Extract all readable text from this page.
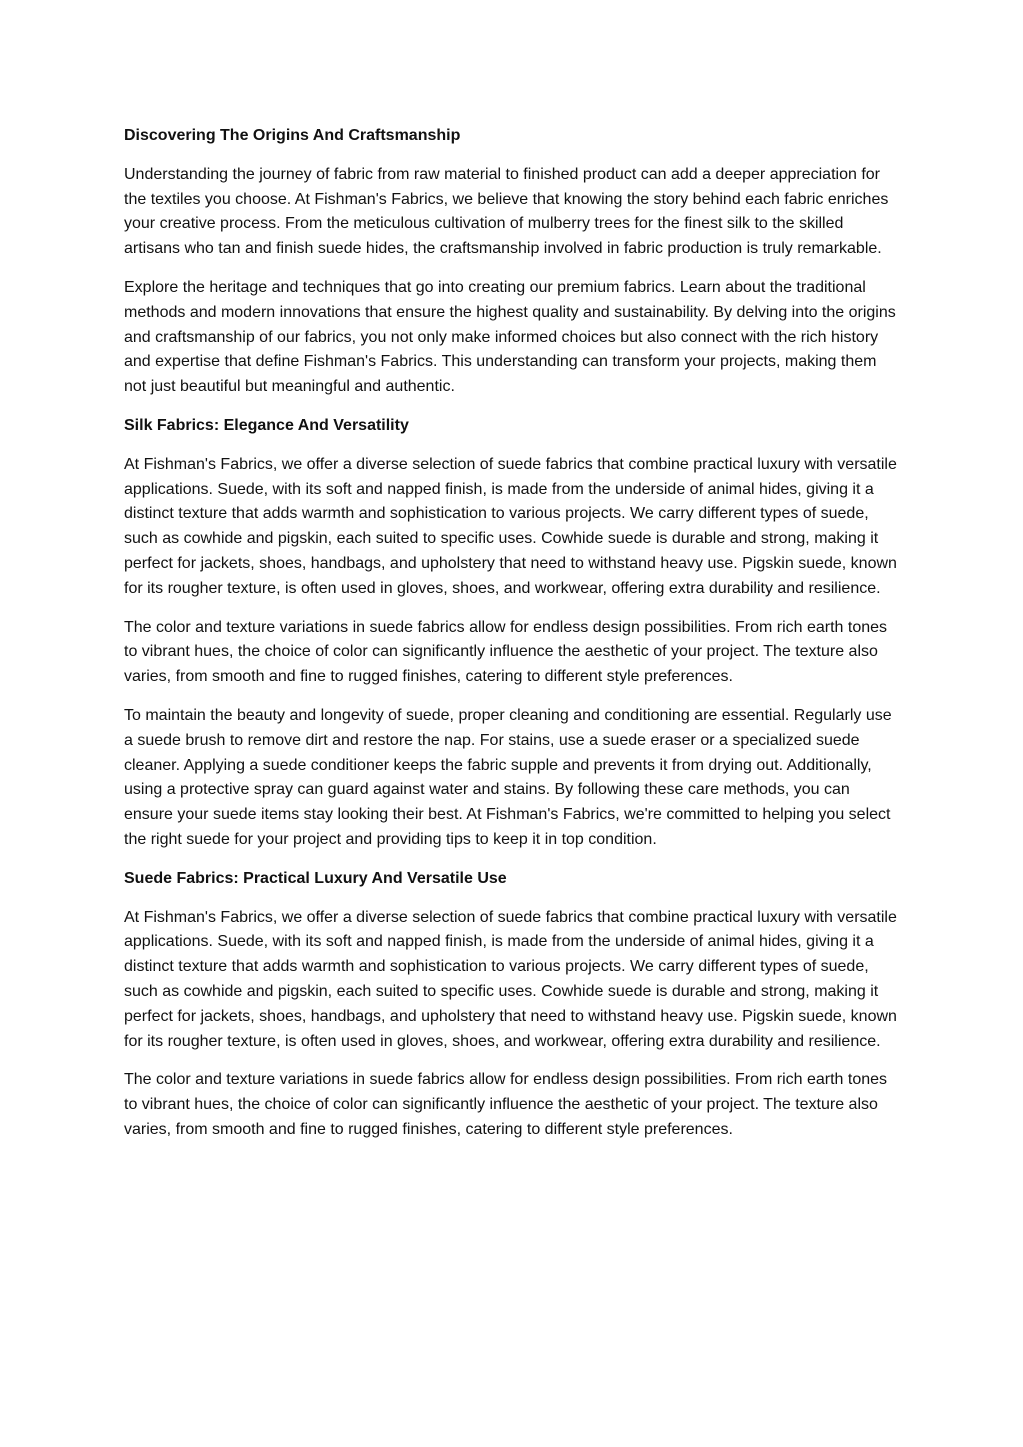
Discovering The Origins And Craftsmanship

Understanding the journey of fabric from raw material to finished product can add a deeper appreciation for the textiles you choose. At Fishman's Fabrics, we believe that knowing the story behind each fabric enriches your creative process. From the meticulous cultivation of mulberry trees for the finest silk to the skilled artisans who tan and finish suede hides, the craftsmanship involved in fabric production is truly remarkable.

Explore the heritage and techniques that go into creating our premium fabrics. Learn about the traditional methods and modern innovations that ensure the highest quality and sustainability. By delving into the origins and craftsmanship of our fabrics, you not only make informed choices but also connect with the rich history and expertise that define Fishman's Fabrics. This understanding can transform your projects, making them not just beautiful but meaningful and authentic.

Silk Fabrics: Elegance And Versatility

At Fishman's Fabrics, we offer a diverse selection of suede fabrics that combine practical luxury with versatile applications. Suede, with its soft and napped finish, is made from the underside of animal hides, giving it a distinct texture that adds warmth and sophistication to various projects. We carry different types of suede, such as cowhide and pigskin, each suited to specific uses. Cowhide suede is durable and strong, making it perfect for jackets, shoes, handbags, and upholstery that need to withstand heavy use. Pigskin suede, known for its rougher texture, is often used in gloves, shoes, and workwear, offering extra durability and resilience.

The color and texture variations in suede fabrics allow for endless design possibilities. From rich earth tones to vibrant hues, the choice of color can significantly influence the aesthetic of your project. The texture also varies, from smooth and fine to rugged finishes, catering to different style preferences.

To maintain the beauty and longevity of suede, proper cleaning and conditioning are essential. Regularly use a suede brush to remove dirt and restore the nap. For stains, use a suede eraser or a specialized suede cleaner. Applying a suede conditioner keeps the fabric supple and prevents it from drying out. Additionally, using a protective spray can guard against water and stains. By following these care methods, you can ensure your suede items stay looking their best. At Fishman's Fabrics, we're committed to helping you select the right suede for your project and providing tips to keep it in top condition.

Suede Fabrics: Practical Luxury And Versatile Use

At Fishman's Fabrics, we offer a diverse selection of suede fabrics that combine practical luxury with versatile applications. Suede, with its soft and napped finish, is made from the underside of animal hides, giving it a distinct texture that adds warmth and sophistication to various projects. We carry different types of suede, such as cowhide and pigskin, each suited to specific uses. Cowhide suede is durable and strong, making it perfect for jackets, shoes, handbags, and upholstery that need to withstand heavy use. Pigskin suede, known for its rougher texture, is often used in gloves, shoes, and workwear, offering extra durability and resilience.

The color and texture variations in suede fabrics allow for endless design possibilities. From rich earth tones to vibrant hues, the choice of color can significantly influence the aesthetic of your project. The texture also varies, from smooth and fine to rugged finishes, catering to different style preferences.
